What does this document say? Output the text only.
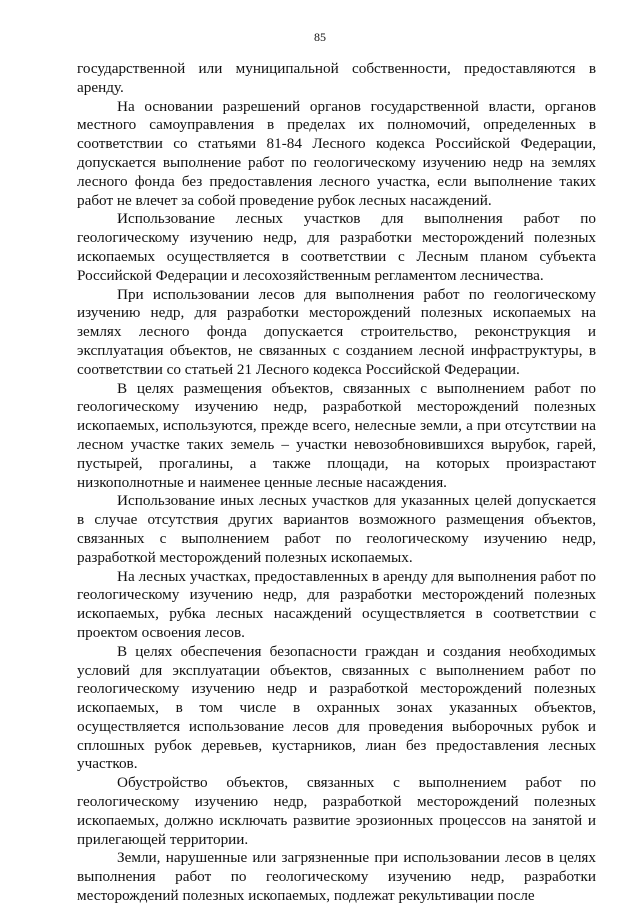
85

государственной или муниципальной собственности, предоставляются в аренду.

На основании разрешений органов государственной власти, органов местного самоуправления в пределах их полномочий, определенных в соответствии со статьями 81-84 Лесного кодекса Российской Федерации, допускается выполнение работ по геологическому изучению недр на землях лесного фонда без предоставления лесного участка, если выполнение таких работ не влечет за собой проведение рубок лесных насаждений.

Использование лесных участков для выполнения работ по геологическому изучению недр, для разработки месторождений полезных ископаемых осуществляется в соответствии с Лесным планом субъекта Российской Федерации и лесохозяйственным регламентом лесничества.

При использовании лесов для выполнения работ по геологическому изучению недр, для разработки месторождений полезных ископаемых на землях лесного фонда допускается строительство, реконструкция и эксплуатация объектов, не связанных с созданием лесной инфраструктуры, в соответствии со статьей 21 Лесного кодекса Российской Федерации.

В целях размещения объектов, связанных с выполнением работ по геологическому изучению недр, разработкой месторождений полезных ископаемых, используются, прежде всего, нелесные земли, а при отсутствии на лесном участке таких земель – участки невозобновившихся вырубок, гарей, пустырей, прогалины, а также площади, на которых произрастают низкополнотные и наименее ценные лесные насаждения.

Использование иных лесных участков для указанных целей допускается в случае отсутствия других вариантов возможного размещения объектов, связанных с выполнением работ по геологическому изучению недр, разработкой месторождений полезных ископаемых.

На лесных участках, предоставленных в аренду для выполнения работ по геологическому изучению недр, для разработки месторождений полезных ископаемых, рубка лесных насаждений осуществляется в соответствии с проектом освоения лесов.

В целях обеспечения безопасности граждан и создания необходимых условий для эксплуатации объектов, связанных с выполнением работ по геологическому изучению недр и разработкой месторождений полезных ископаемых, в том числе в охранных зонах указанных объектов, осуществляется использование лесов для проведения выборочных рубок и сплошных рубок деревьев, кустарников, лиан без предоставления лесных участков.

Обустройство объектов, связанных с выполнением работ по геологическому изучению недр, разработкой месторождений полезных ископаемых, должно исключать развитие эрозионных процессов на занятой и прилегающей территории.

Земли, нарушенные или загрязненные при использовании лесов в целях выполнения работ по геологическому изучению недр, разработки месторождений полезных ископаемых, подлежат рекультивации после
